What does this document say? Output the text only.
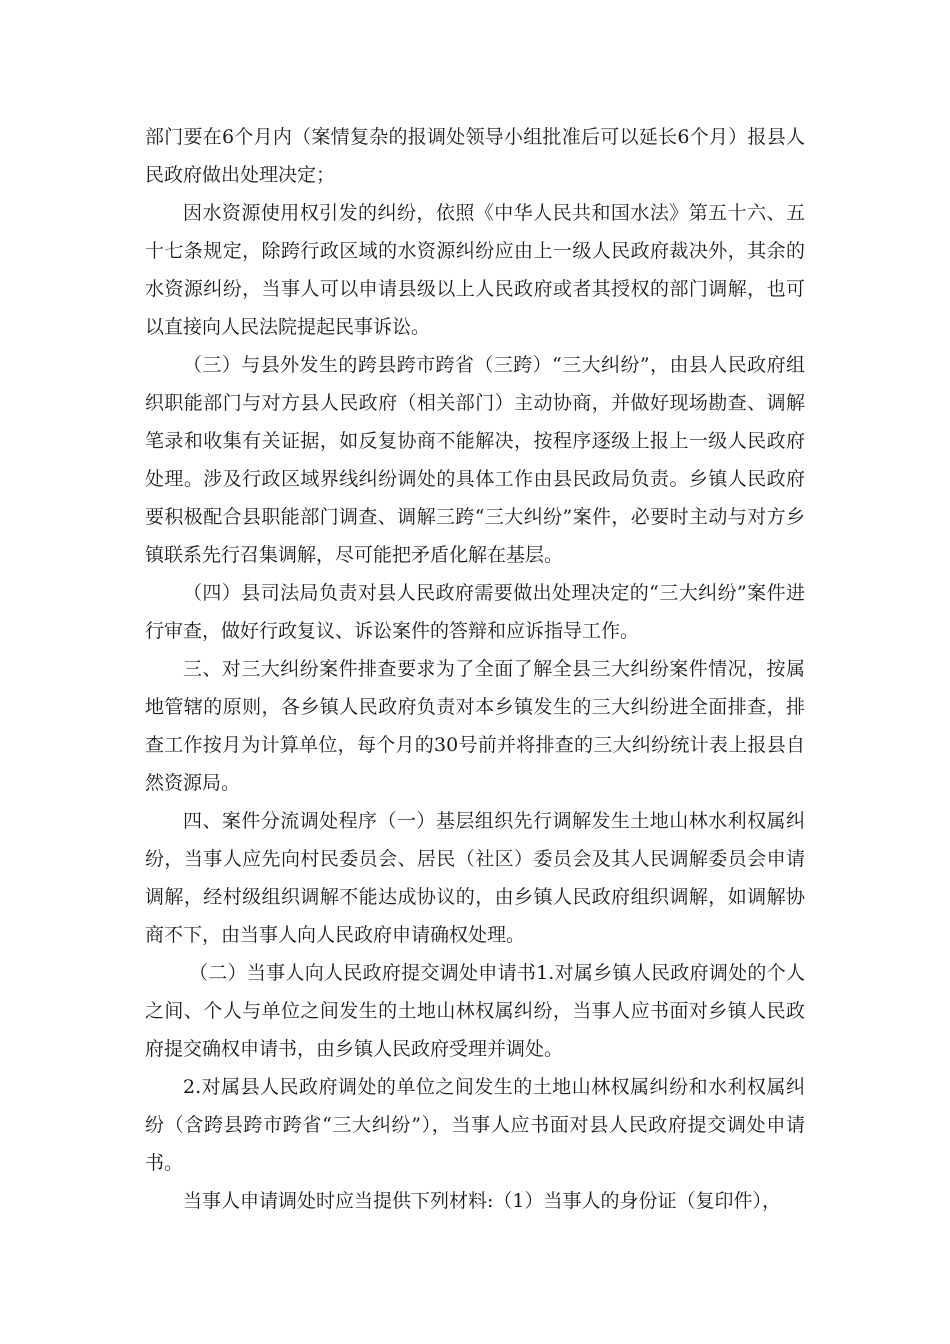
部门要在6个月内（案情复杂的报调处领导小组批准后可以延长6个月）报县人民政府做出处理决定；

因水资源使用权引发的纠纷，依照《中华人民共和国水法》第五十六、五十七条规定，除跨行政区域的水资源纠纷应由上一级人民政府裁决外，其余的水资源纠纷，当事人可以申请县级以上人民政府或者其授权的部门调解，也可以直接向人民法院提起民事诉讼。

（三）与县外发生的跨县跨市跨省（三跨）“三大纠纷”，由县人民政府组织职能部门与对方县人民政府（相关部门）主动协商，并做好现场勘查、调解笔录和收集有关证据，如反复协商不能解决，按程序逐级上报上一级人民政府处理。涉及行政区域界线纠纷调处的具体工作由县民政局负责。乡镇人民政府要积极配合县职能部门调查、调解三跨“三大纠纷”案件，必要时主动与对方乡镇联系先行召集调解，尽可能把矛盾化解在基层。

（四）县司法局负责对县人民政府需要做出处理决定的“三大纠纷”案件进行审查，做好行政复议、诉讼案件的答辩和应诉指导工作。

三、对三大纠纷案件排查要求为了全面了解全县三大纠纷案件情况，按属地管辖的原则，各乡镇人民政府负责对本乡镇发生的三大纠纷进全面排查，排查工作按月为计算单位，每个月的30号前并将排查的三大纠纷统计表上报县自然资源局。

四、案件分流调处程序（一）基层组织先行调解发生土地山林水利权属纠纷，当事人应先向村民委员会、居民（社区）委员会及其人民调解委员会申请调解，经村级组织调解不能达成协议的，由乡镇人民政府组织调解，如调解协商不下，由当事人向人民政府申请确权处理。

（二）当事人向人民政府提交调处申请书1.对属乡镇人民政府调处的个人之间、个人与单位之间发生的土地山林权属纠纷，当事人应书面对乡镇人民政府提交确权申请书，由乡镇人民政府受理并调处。

2.对属县人民政府调处的单位之间发生的土地山林权属纠纷和水利权属纠纷（含跨县跨市跨省“三大纠纷”），当事人应书面对县人民政府提交调处申请书。

当事人申请调处时应当提供下列材料:（1）当事人的身份证（复印件），
